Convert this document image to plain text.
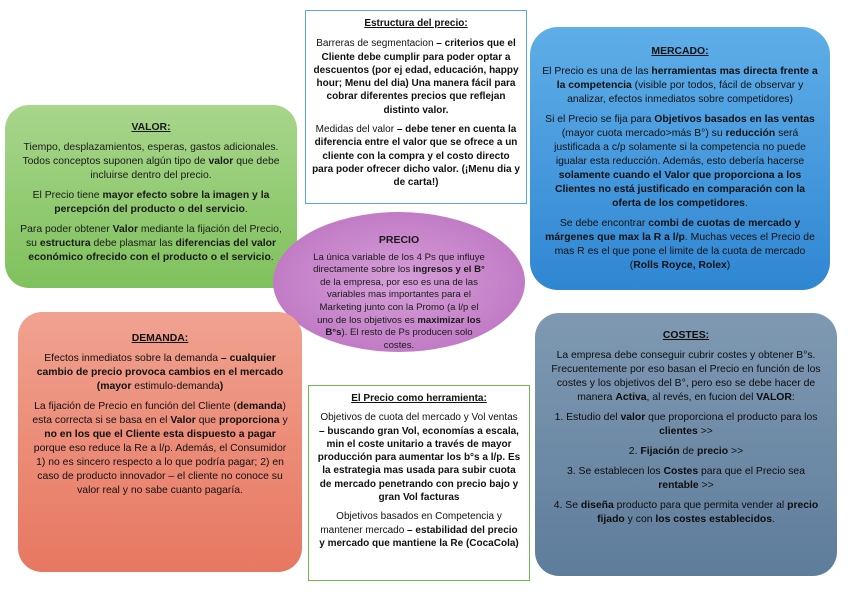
VALOR:

Tiempo, desplazamientos, esperas, gastos adicionales. Todos conceptos suponen algún tipo de valor que debe incluirse dentro del precio.

El Precio tiene mayor efecto sobre la imagen y la percepción del producto o del servicio.

Para poder obtener Valor mediante la fijación del Precio, su estructura debe plasmar las diferencias del valor económico ofrecido con el producto o el servicio.

Estructura del precio:

Barreras de segmentacion – criterios que el Cliente debe cumplir para poder optar a descuentos (por ej edad, educación, happy hour; Menu del dia) Una manera fácil para cobrar diferentes precios que reflejan distinto valor.

Medidas del valor – debe tener en cuenta la diferencia entre el valor que se ofrece a un cliente con la compra y el costo directo para poder ofrecer dicho valor. (¡Menu dia y de carta!)

MERCADO:

El Precio es una de las herramientas mas directa frente a la competencia (visible por todos, fácil de observar y analizar, efectos inmediatos sobre competidores)

Si el Precio se fija para Objetivos basados en las ventas (mayor cuota mercado>más B°) su reducción será justificada a c/p solamente si la competencia no puede igualar esta reducción. Además, esto debería hacerse solamente cuando el Valor que proporciona a los Clientes no está justificado en comparación con la oferta de los competidores.

Se debe encontrar combi de cuotas de mercado y márgenes que max la R a l/p. Muchas veces el Precio de mas R es el que pone el limite de la cuota de mercado (Rolls Royce, Rolex)

PRECIO

La única variable de los 4 Ps que influye directamente sobre los ingresos y el B° de la empresa, por eso es una de las variables mas importantes para el Marketing junto con la Promo (a l/p el uno de los objetivos es maximizar los B°s). El resto de Ps producen solo costes.

DEMANDA:

Efectos inmediatos sobre la demanda – cualquier cambio de precio provoca cambios en el mercado (mayor estimulo-demanda)

La fijación de Precio en función del Cliente (demanda) esta correcta si se basa en el Valor que proporciona y no en los que el Cliente esta dispuesto a pagar porque eso reduce la Re a l/p. Además, el Consumidor 1) no es sincero respecto a lo que podría pagar; 2) en caso de producto innovador – el cliente no conoce su valor real y no sabe cuanto pagaría.

El Precio como herramienta:

Objetivos de cuota del mercado y Vol ventas – buscando gran Vol, economías a escala, min el coste unitario a través de mayor producción para aumentar los b°s a l/p. Es la estrategia mas usada para subir cuota de mercado penetrando con precio bajo y gran Vol facturas

Objetivos basados en Competencia y mantener mercado – estabilidad del precio y mercado que mantiene la Re (CocaCola)

COSTES:

La empresa debe conseguir cubrir costes y obtener B°s. Frecuentemente por eso basan el Precio en función de los costes y los objetivos del B°, pero eso se debe hacer de manera Activa, al revés, en fucion del VALOR:

1. Estudio del valor que proporciona el producto para los clientes >>

2. Fijación de precio >>

3. Se establecen los Costes para que el Precio sea rentable >>

4. Se diseña producto para que permita vender al precio fijado y con los costes establecidos.
